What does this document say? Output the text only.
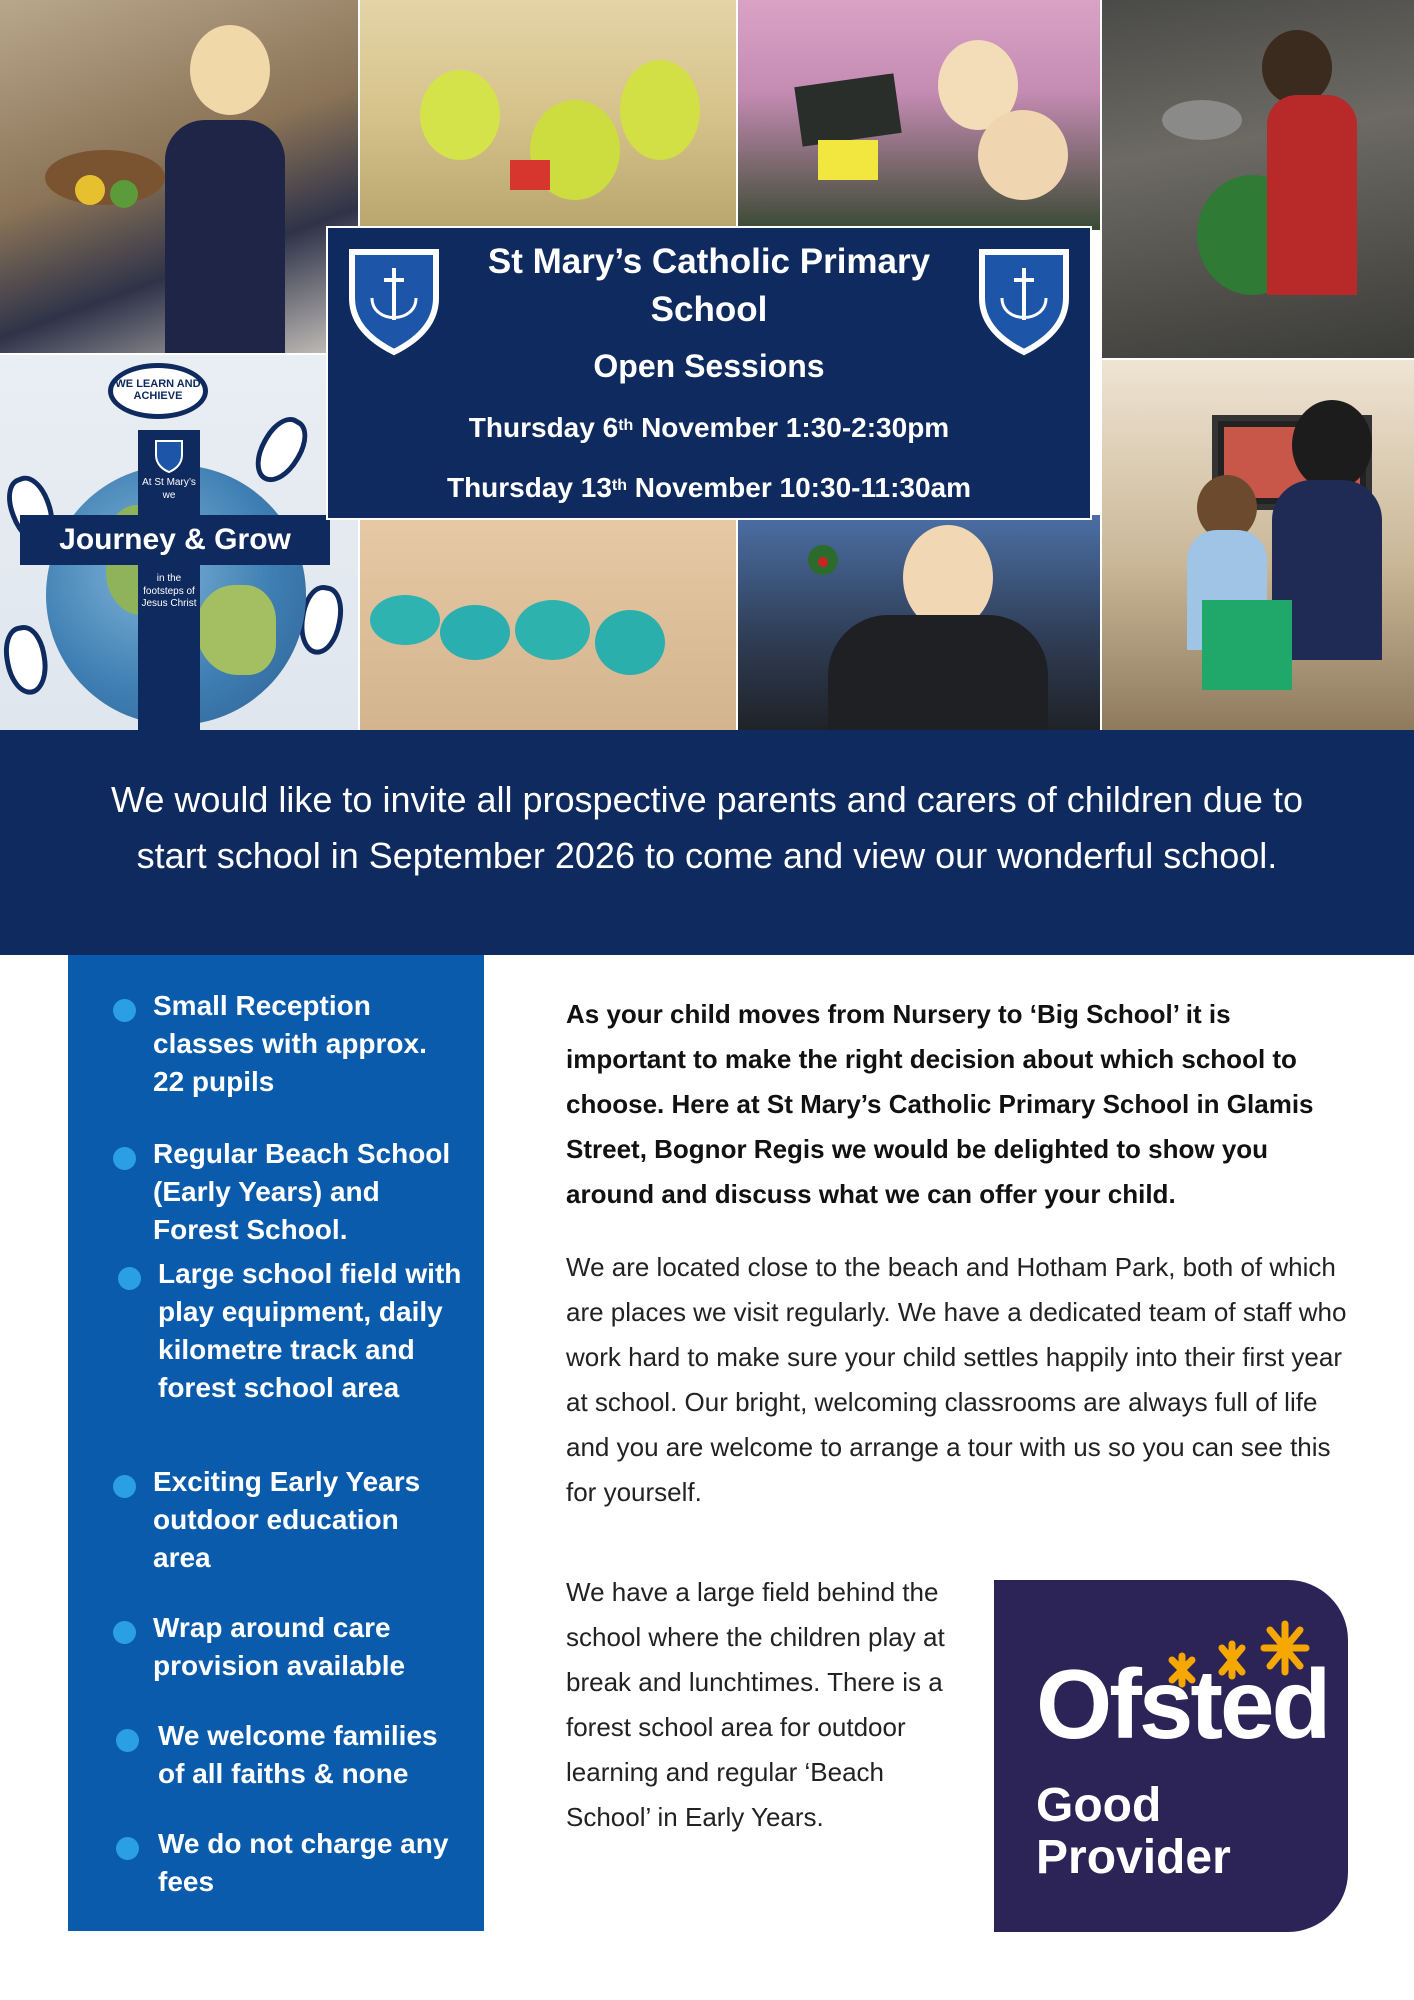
WE LEARN AND ACHIEVE
At St Mary’s we
Journey & Grow
in the footsteps of Jesus Christ
St Mary’s Catholic Primary School
Open Sessions
Thursday 6th November 1:30-2:30pm
Thursday 13th November 10:30-11:30am
We would like to invite all prospective parents and carers of children due to start school in September 2026 to come and view our wonderful school.
Small Reception classes with approx. 22 pupils
Regular Beach School (Early Years) and Forest School.
Large school field with play equipment, daily kilometre track and forest school area
Exciting Early Years outdoor education area
Wrap around care provision available
We welcome families of all faiths & none
We do not charge any fees
As your child moves from Nursery to ‘Big School’ it is important to make the right decision about which school to choose. Here at St Mary’s Catholic Primary School in Glamis Street, Bognor Regis we would be delighted to show you around and discuss what we can offer your child.
We are located close to the beach and Hotham Park, both of which are places we visit regularly. We have a dedicated team of staff who work hard to make sure your child settles happily into their first year at school. Our bright, welcoming classrooms are always full of life and you are welcome to arrange a tour with us so you can see this for yourself.
We have a large field behind the school where the children play at break and lunchtimes. There is a forest school area for outdoor learning and regular ‘Beach School’ in Early Years.
Ofsted
Good
Provider
